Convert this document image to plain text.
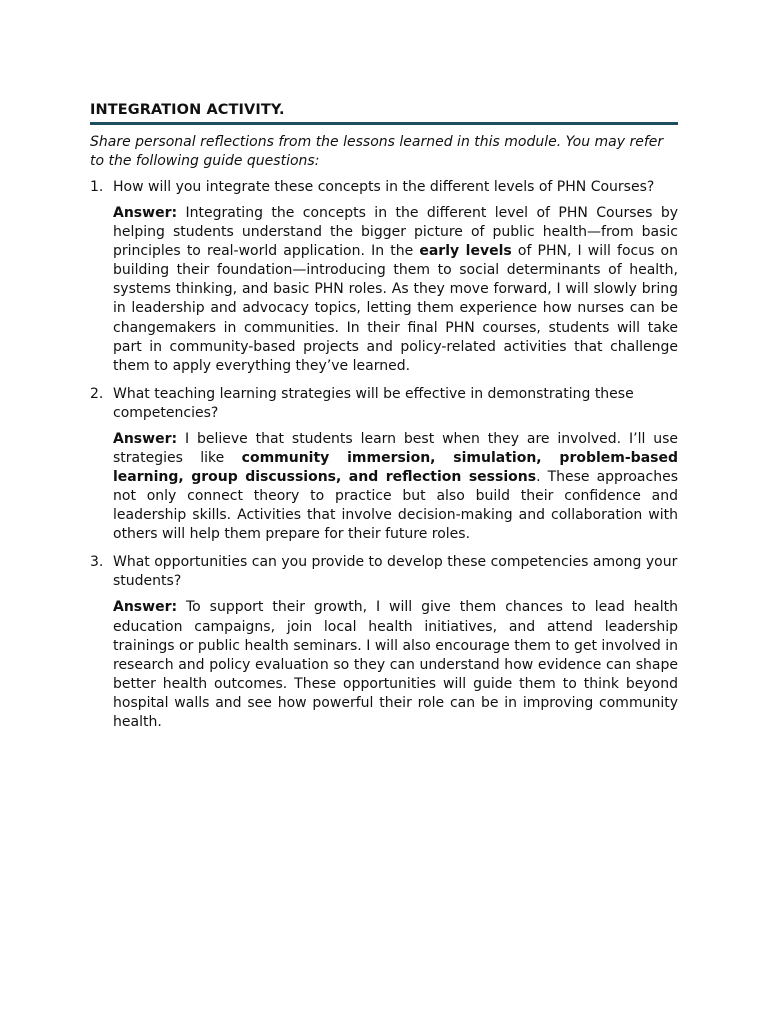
INTEGRATION ACTIVITY.

Share personal reflections from the lessons learned in this module. You may refer to the following guide questions:

1. How will you integrate these concepts in the different levels of PHN Courses?

Answer: Integrating the concepts in the different level of PHN Courses by helping students understand the bigger picture of public health—from basic principles to real-world application. In the early levels of PHN, I will focus on building their foundation—introducing them to social determinants of health, systems thinking, and basic PHN roles. As they move forward, I will slowly bring in leadership and advocacy topics, letting them experience how nurses can be changemakers in communities. In their final PHN courses, students will take part in community-based projects and policy-related activities that challenge them to apply everything they’ve learned.

2. What teaching learning strategies will be effective in demonstrating these competencies?

Answer: I believe that students learn best when they are involved. I’ll use strategies like community immersion, simulation, problem-based learning, group discussions, and reflection sessions. These approaches not only connect theory to practice but also build their confidence and leadership skills. Activities that involve decision-making and collaboration with others will help them prepare for their future roles.

3. What opportunities can you provide to develop these competencies among your students?

Answer: To support their growth, I will give them chances to lead health education campaigns, join local health initiatives, and attend leadership trainings or public health seminars. I will also encourage them to get involved in research and policy evaluation so they can understand how evidence can shape better health outcomes. These opportunities will guide them to think beyond hospital walls and see how powerful their role can be in improving community health.
